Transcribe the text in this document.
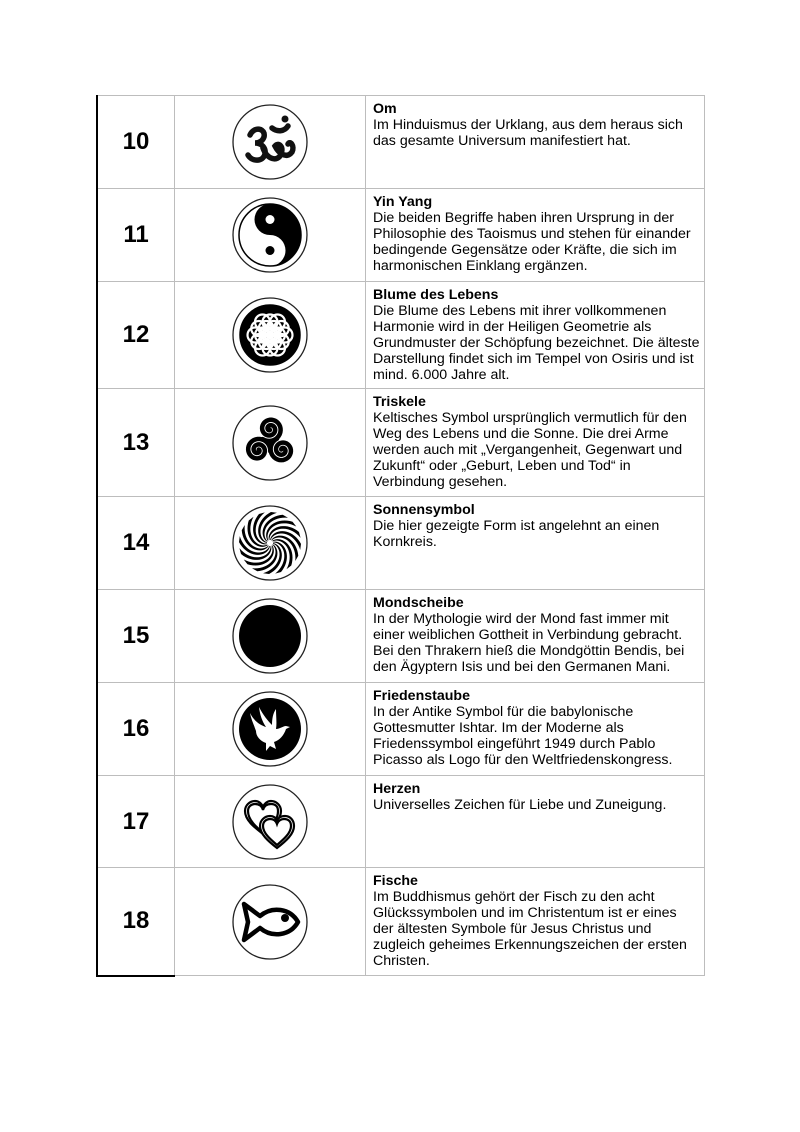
10		Om
Im Hinduismus der Urklang, aus dem heraus sich das gesamte Universum manifestiert hat.

11		Yin Yang
Die beiden Begriffe haben ihren Ursprung in der Philosophie des Taoismus und stehen für einander bedingende Gegensätze oder Kräfte, die sich im harmonischen Einklang ergänzen.

12		Blume des Lebens
Die Blume des Lebens mit ihrer vollkommenen Harmonie wird in der Heiligen Geometrie als Grundmuster der Schöpfung bezeichnet. Die älteste Darstellung findet sich im Tempel von Osiris und ist mind. 6.000 Jahre alt.

13		Triskele
Keltisches Symbol ursprünglich vermutlich für den Weg des Lebens und die Sonne. Die drei Arme werden auch mit „Vergangenheit, Gegenwart und Zukunft“ oder „Geburt, Leben und Tod“ in Verbindung gesehen.

14		Sonnensymbol
Die hier gezeigte Form ist angelehnt an einen Kornkreis.

15		Mondscheibe
In der Mythologie wird der Mond fast immer mit einer weiblichen Gottheit in Verbindung gebracht. Bei den Thrakern hieß die Mondgöttin Bendis, bei den Ägyptern Isis und bei den Germanen Mani.

16		Friedenstaube
In der Antike Symbol für die babylonische Gottesmutter Ishtar. Im der Moderne als Friedenssymbol eingeführt 1949 durch Pablo Picasso als Logo für den Weltfriedenskongress.

17		Herzen
Universelles Zeichen für Liebe und Zuneigung.

18		Fische
Im Buddhismus gehört der Fisch zu den acht Glückssymbolen und im Christentum ist er eines der ältesten Symbole für Jesus Christus und zugleich geheimes Erkennungszeichen der ersten Christen.
